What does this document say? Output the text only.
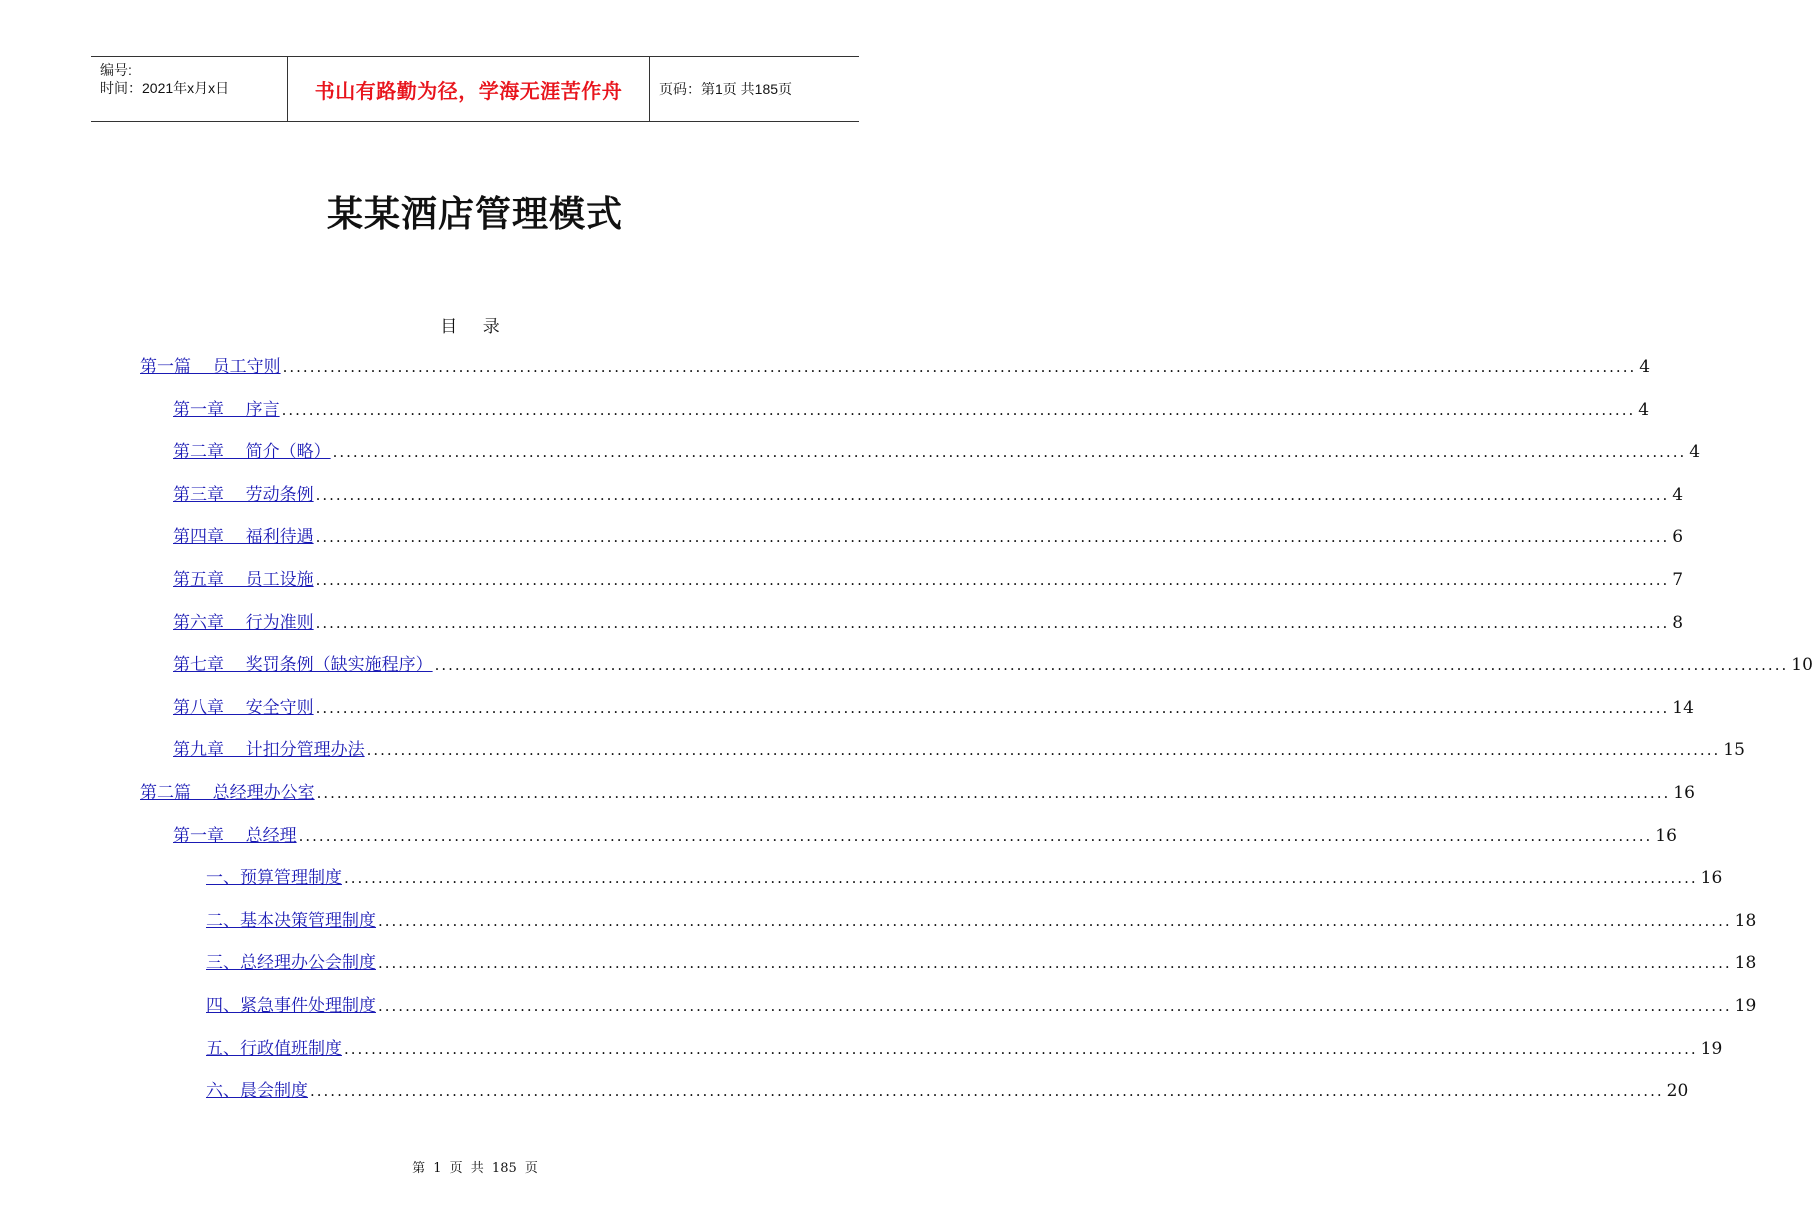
编号:
时间：2021年x月x日	书山有路勤为径，学海无涯苦作舟	页码：第1页 共185页
某某酒店管理模式
目 录
第一篇    员工守则 ........................................................................................................................................................................................................ 4
第一章    序言 ........................................................................................................................................................................................................ 4
第二章    简介（略） ........................................................................................................................................................................................................ 4
第三章    劳动条例 ........................................................................................................................................................................................................ 4
第四章    福利待遇 ........................................................................................................................................................................................................ 6
第五章    员工设施 ........................................................................................................................................................................................................ 7
第六章    行为准则 ........................................................................................................................................................................................................ 8
第七章    奖罚条例（缺实施程序） ........................................................................................................................................................................................................ 10
第八章    安全守则 ........................................................................................................................................................................................................ 14
第九章    计扣分管理办法 ........................................................................................................................................................................................................ 15
第二篇    总经理办公室 ........................................................................................................................................................................................................ 16
第一章    总经理 ........................................................................................................................................................................................................ 16
一、预算管理制度 ........................................................................................................................................................................................................ 16
二、基本决策管理制度 ........................................................................................................................................................................................................ 18
三、总经理办公会制度 ........................................................................................................................................................................................................ 18
四、紧急事件处理制度 ........................................................................................................................................................................................................ 19
五、行政值班制度 ........................................................................................................................................................................................................ 19
六、晨会制度 ........................................................................................................................................................................................................ 20
第 1 页 共 185 页
